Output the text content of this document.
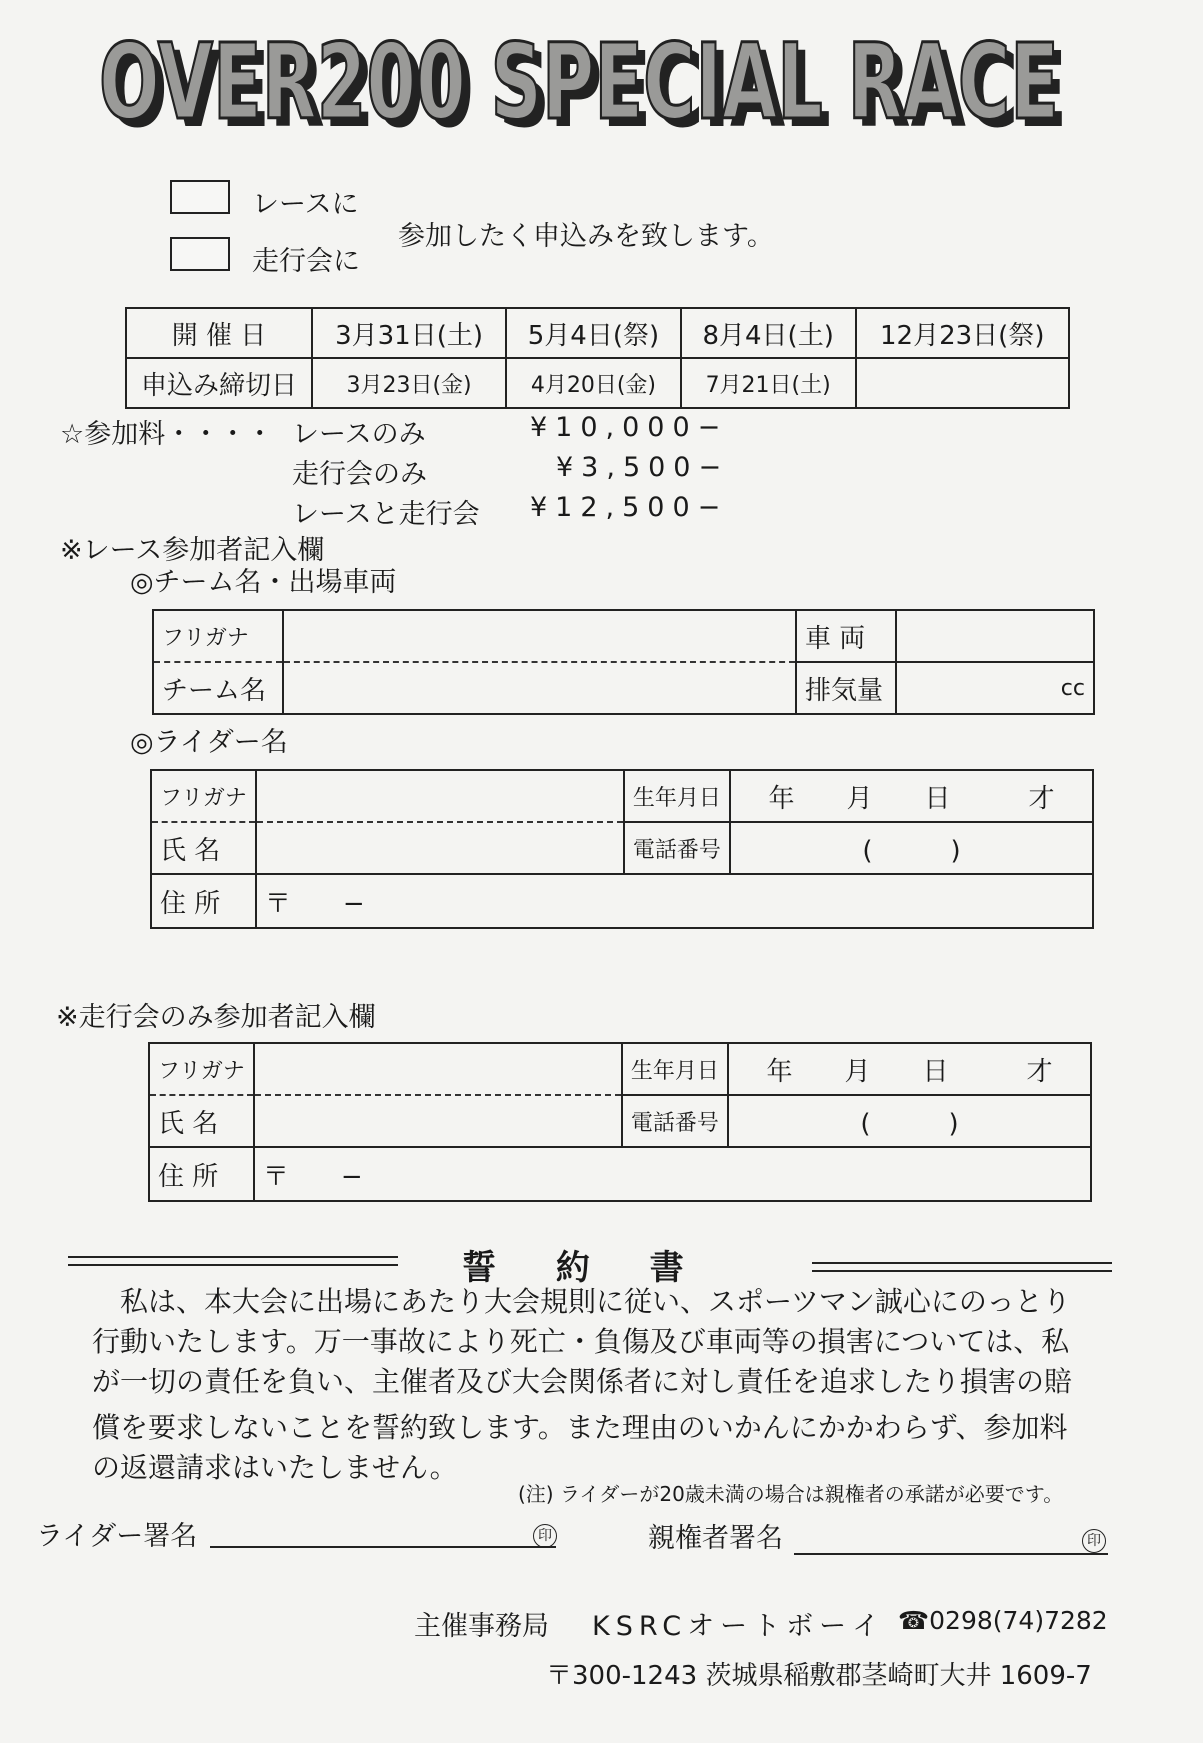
OVER200 SPECIAL RACE
OVER200 SPECIAL RACE
レースに
走行会に
参加したく申込みを致します。
開 催 日	3月31日(土)	5月4日(祭)	8月4日(土)	12月23日(祭)
申込み締切日	3月23日(金)	4月20日(金)	7月21日(土)	
☆参加料・・・・ レースのみ	¥10,000−
走行会のみ	¥3,500−
レースと走行会 ¥12,500−
※レース参加者記入欄
◎チーム名・出場車両
フリガナ		車 両	
チーム名		排気量	cc
◎ライダー名
フリガナ		生年月日	年　　月　　日　　　才
氏 名		電話番号	(　　　)
住 所	〒　　−		
※走行会のみ参加者記入欄
フリガナ		生年月日	年　　月　　日　　　才
氏 名		電話番号	(　　　)
住 所	〒　　−		
誓 約 書

私は、本大会に出場にあたり大会規則に従い、スポーツマン誠心にのっとり

行動いたします。万一事故により死亡・負傷及び車両等の損害については、私

が一切の責任を負い、主催者及び大会関係者に対し責任を追求したり損害の賠

償を要求しないことを誓約致します。また理由のいかんにかかわらず、参加料

の返還請求はいたしません。

(注) ライダーが20歳未満の場合は親権者の承諾が必要です。
ライダー署名	印	親権者署名	印
主催事務局 KSRCオートボーイ ☎0298(74)7282
〒300-1243 茨城県稲敷郡茎崎町大井 1609-7
